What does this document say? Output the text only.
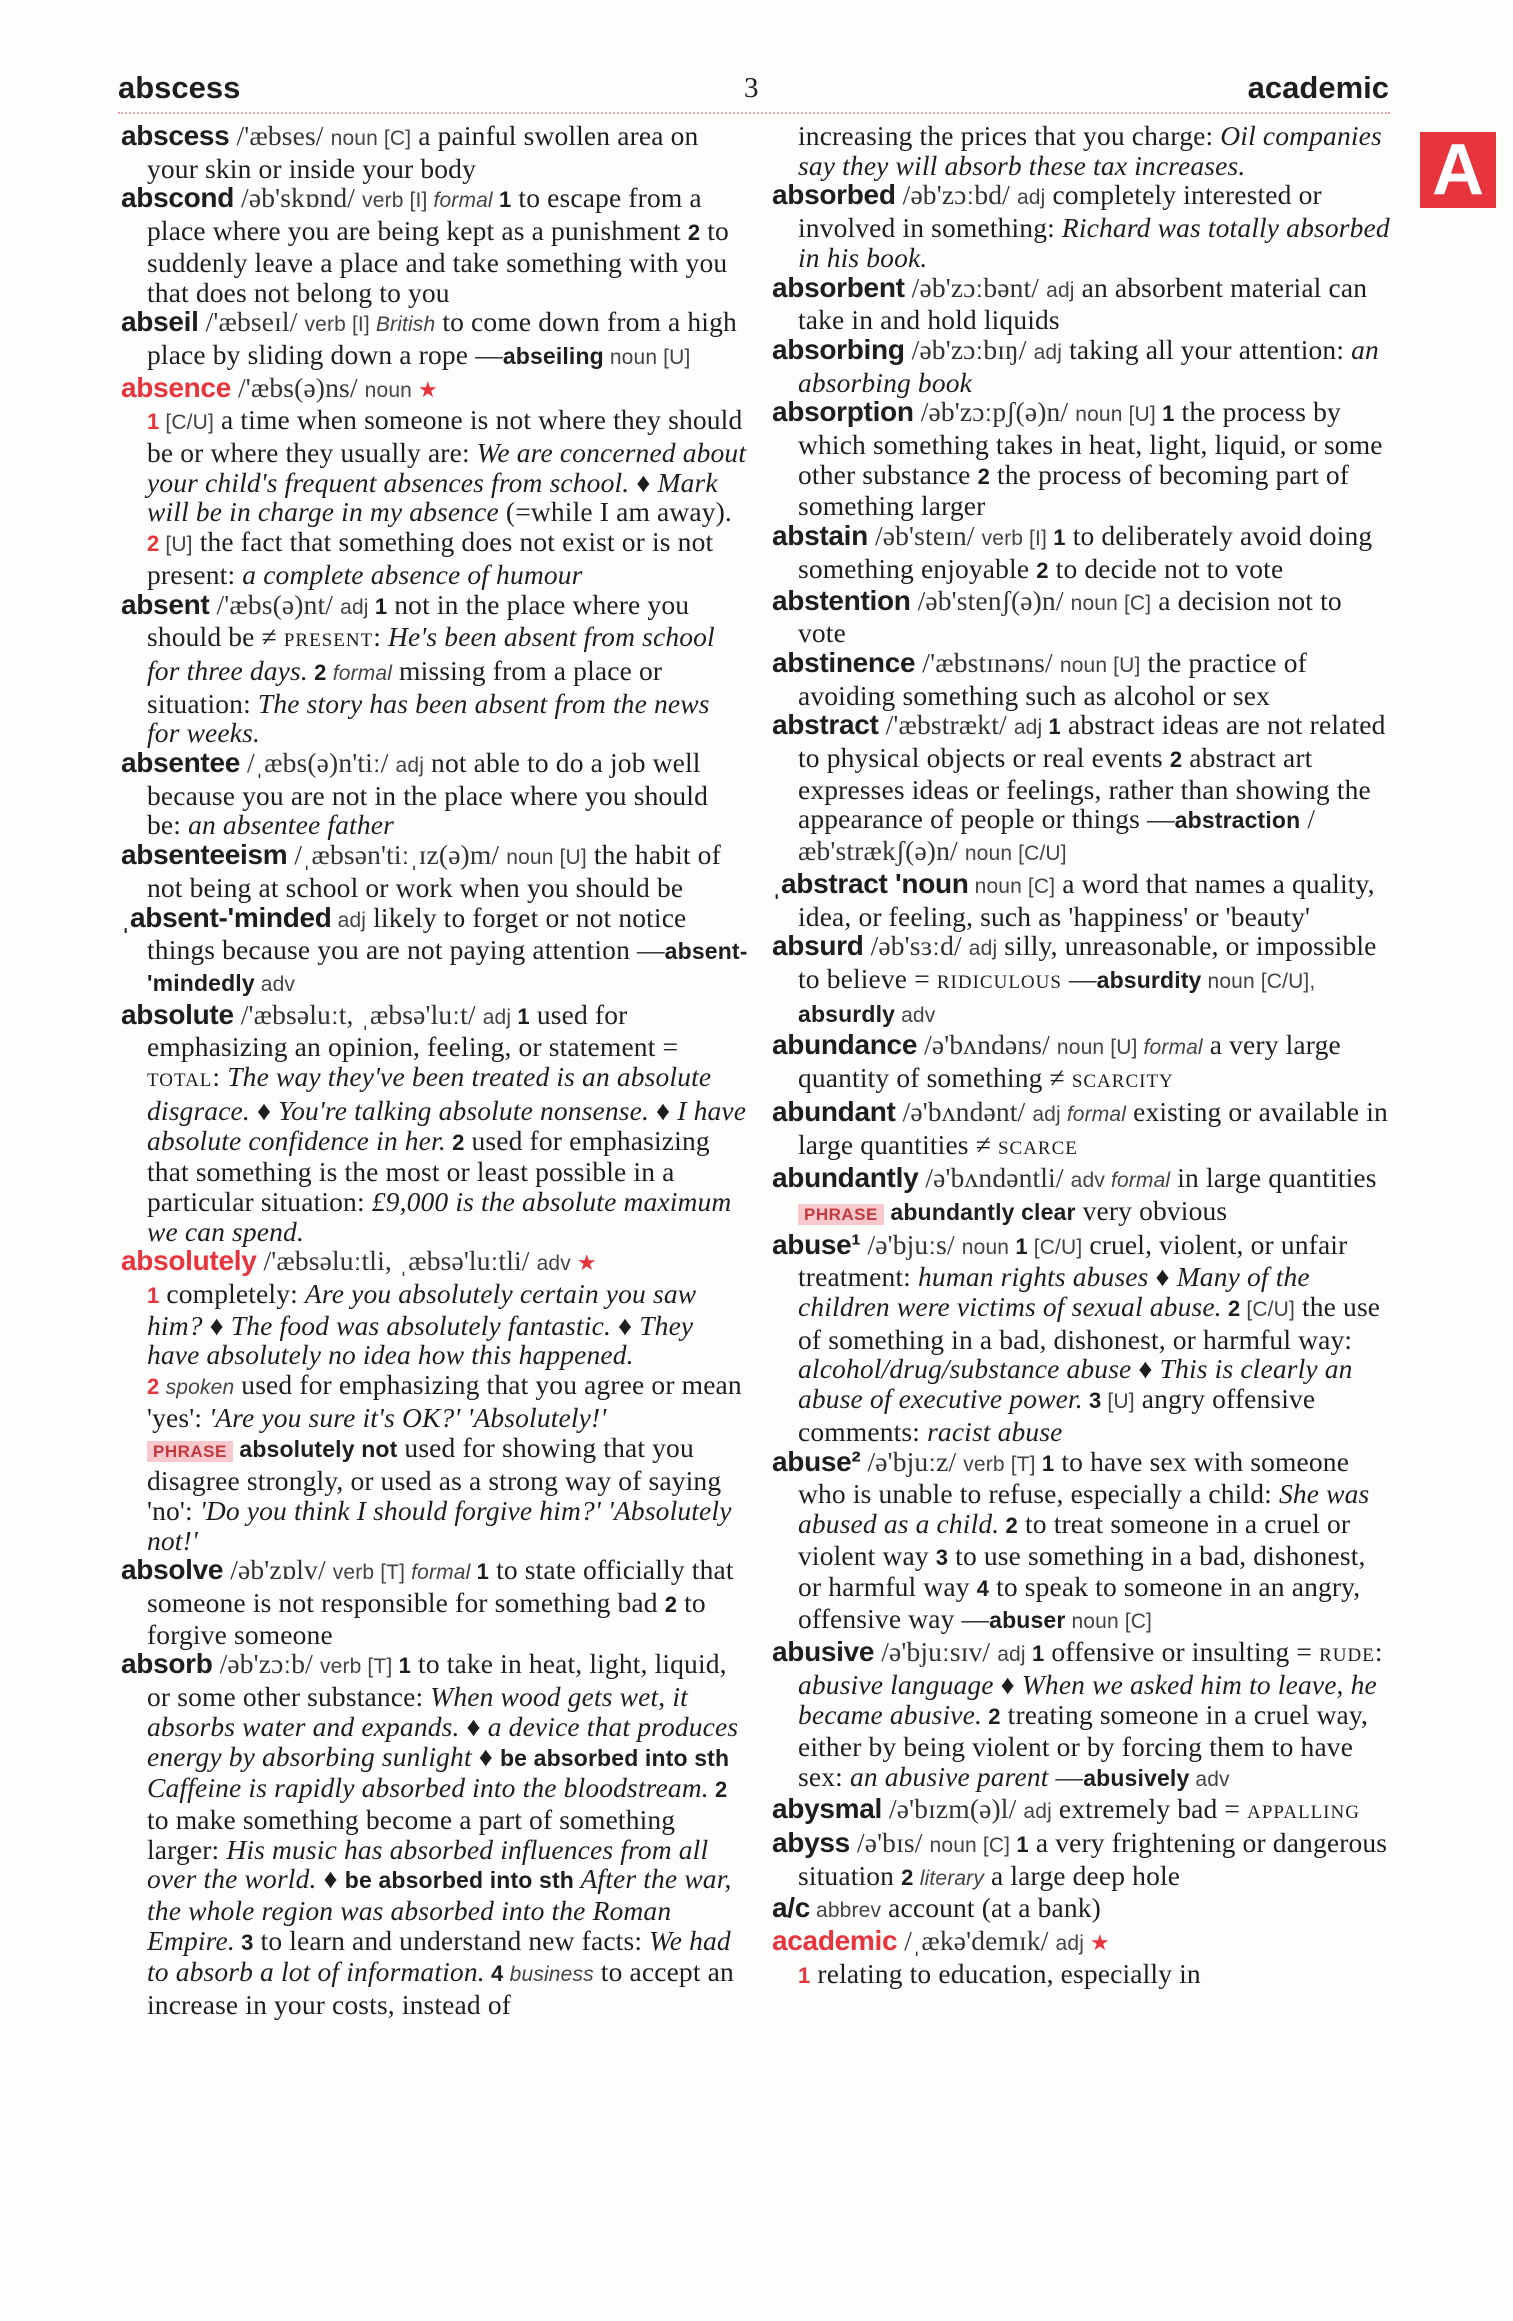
abscess	3	academic
A
abscess /'æbses/ noun [C] a painful swollen area on your skin or inside your body
abscond /əb'skɒnd/ verb [I] formal 1 to escape from a place where you are being kept as a punishment 2 to suddenly leave a place and take something with you that does not belong to you
abseil /'æbseɪl/ verb [I] British to come down from a high place by sliding down a rope —abseiling noun [U]
absence /'æbs(ə)ns/ noun ★
1 [C/U] a time when someone is not where they should be or where they usually are: We are concerned about your child's frequent absences from school. ♦ Mark will be in charge in my absence (=while I am away).
2 [U] the fact that something does not exist or is not present: a complete absence of humour
absent /'æbs(ə)nt/ adj 1 not in the place where you should be ≠ PRESENT: He's been absent from school for three days. 2 formal missing from a place or situation: The story has been absent from the news for weeks.
absentee /ˌæbs(ə)n'tiː/ adj not able to do a job well because you are not in the place where you should be: an absentee father
absenteeism /ˌæbsən'tiːˌɪz(ə)m/ noun [U] the habit of not being at school or work when you should be
ˌabsent-'minded adj likely to forget or not notice things because you are not paying attention —absent-'mindedly adv
absolute /'æbsəluːt, ˌæbsə'luːt/ adj 1 used for emphasizing an opinion, feeling, or statement = TOTAL: The way they've been treated is an absolute disgrace. ♦ You're talking absolute nonsense. ♦ I have absolute confidence in her. 2 used for emphasizing that something is the most or least possible in a particular situation: £9,000 is the absolute maximum we can spend.
absolutely /'æbsəluːtli, ˌæbsə'luːtli/ adv ★
1 completely: Are you absolutely certain you saw him? ♦ The food was absolutely fantastic. ♦ They have absolutely no idea how this happened.
2 spoken used for emphasizing that you agree or mean 'yes': 'Are you sure it's OK?' 'Absolutely!'
PHRASE absolutely not used for showing that you disagree strongly, or used as a strong way of saying 'no': 'Do you think I should forgive him?' 'Absolutely not!'
absolve /əb'zɒlv/ verb [T] formal 1 to state officially that someone is not responsible for something bad 2 to forgive someone
absorb /əb'zɔːb/ verb [T] 1 to take in heat, light, liquid, or some other substance: When wood gets wet, it absorbs water and expands. ♦ a device that produces energy by absorbing sunlight ♦ be absorbed into sth Caffeine is rapidly absorbed into the bloodstream. 2 to make something become a part of something larger: His music has absorbed influences from all over the world. ♦ be absorbed into sth After the war, the whole region was absorbed into the Roman Empire. 3 to learn and understand new facts: We had to absorb a lot of information. 4 business to accept an increase in your costs, instead of
increasing the prices that you charge: Oil companies say they will absorb these tax increases.
absorbed /əb'zɔːbd/ adj completely interested or involved in something: Richard was totally absorbed in his book.
absorbent /əb'zɔːbənt/ adj an absorbent material can take in and hold liquids
absorbing /əb'zɔːbɪŋ/ adj taking all your attention: an absorbing book
absorption /əb'zɔːpʃ(ə)n/ noun [U] 1 the process by which something takes in heat, light, liquid, or some other substance 2 the process of becoming part of something larger
abstain /əb'steɪn/ verb [I] 1 to deliberately avoid doing something enjoyable 2 to decide not to vote
abstention /əb'stenʃ(ə)n/ noun [C] a decision not to vote
abstinence /'æbstɪnəns/ noun [U] the practice of avoiding something such as alcohol or sex
abstract /'æbstrækt/ adj 1 abstract ideas are not related to physical objects or real events 2 abstract art expresses ideas or feelings, rather than showing the appearance of people or things —abstraction /æb'strækʃ(ə)n/ noun [C/U]
ˌabstract 'noun noun [C] a word that names a quality, idea, or feeling, such as 'happiness' or 'beauty'
absurd /əb'sɜːd/ adj silly, unreasonable, or impossible to believe = RIDICULOUS —absurdity noun [C/U], absurdly adv
abundance /ə'bʌndəns/ noun [U] formal a very large quantity of something ≠ SCARCITY
abundant /ə'bʌndənt/ adj formal existing or available in large quantities ≠ SCARCE
abundantly /ə'bʌndəntli/ adv formal in large quantities
PHRASE abundantly clear very obvious
abuse¹ /ə'bjuːs/ noun 1 [C/U] cruel, violent, or unfair treatment: human rights abuses ♦ Many of the children were victims of sexual abuse. 2 [C/U] the use of something in a bad, dishonest, or harmful way: alcohol/drug/substance abuse ♦ This is clearly an abuse of executive power. 3 [U] angry offensive comments: racist abuse
abuse² /ə'bjuːz/ verb [T] 1 to have sex with someone who is unable to refuse, especially a child: She was abused as a child. 2 to treat someone in a cruel or violent way 3 to use something in a bad, dishonest, or harmful way 4 to speak to someone in an angry, offensive way —abuser noun [C]
abusive /ə'bjuːsɪv/ adj 1 offensive or insulting = RUDE: abusive language ♦ When we asked him to leave, he became abusive. 2 treating someone in a cruel way, either by being violent or by forcing them to have sex: an abusive parent —abusively adv
abysmal /ə'bɪzm(ə)l/ adj extremely bad = APPALLING
abyss /ə'bɪs/ noun [C] 1 a very frightening or dangerous situation 2 literary a large deep hole
a/c abbrev account (at a bank)
academic /ˌækə'demɪk/ adj ★
1 relating to education, especially in
